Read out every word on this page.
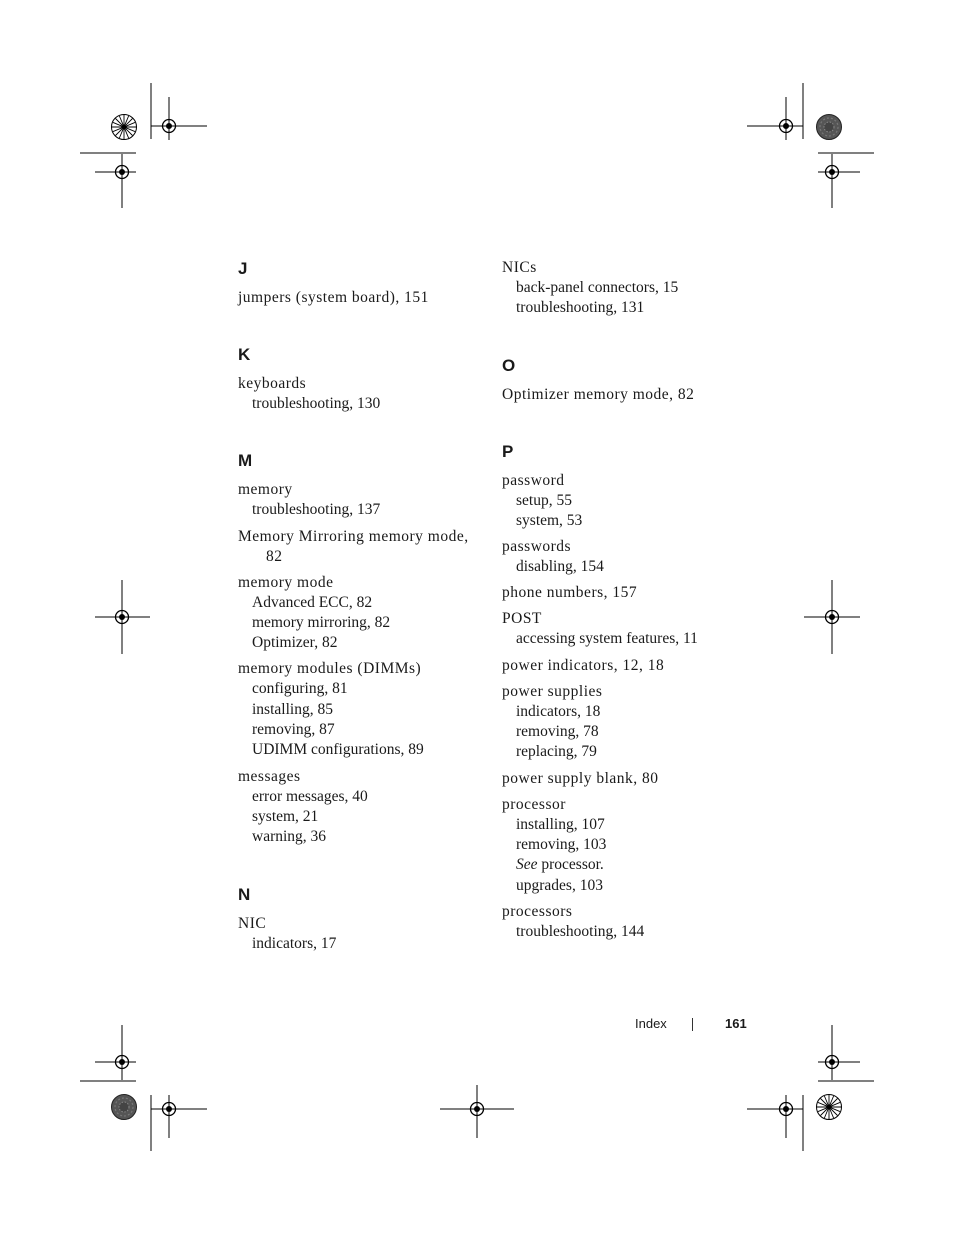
J
jumpers (system board), 151
K
keyboards
troubleshooting, 130
M
memory
troubleshooting, 137
Memory Mirroring memory mode, 82
memory mode
Advanced ECC, 82
memory mirroring, 82
Optimizer, 82
memory modules (DIMMs)
configuring, 81
installing, 85
removing, 87
UDIMM configurations, 89
messages
error messages, 40
system, 21
warning, 36
N
NIC
indicators, 17
NICs
back-panel connectors, 15
troubleshooting, 131
O
Optimizer memory mode, 82
P
password
setup, 55
system, 53
passwords
disabling, 154
phone numbers, 157
POST
accessing system features, 11
power indicators, 12, 18
power supplies
indicators, 18
removing, 78
replacing, 79
power supply blank, 80
processor
installing, 107
removing, 103
See processor.
upgrades, 103
processors
troubleshooting, 144
Index	161
